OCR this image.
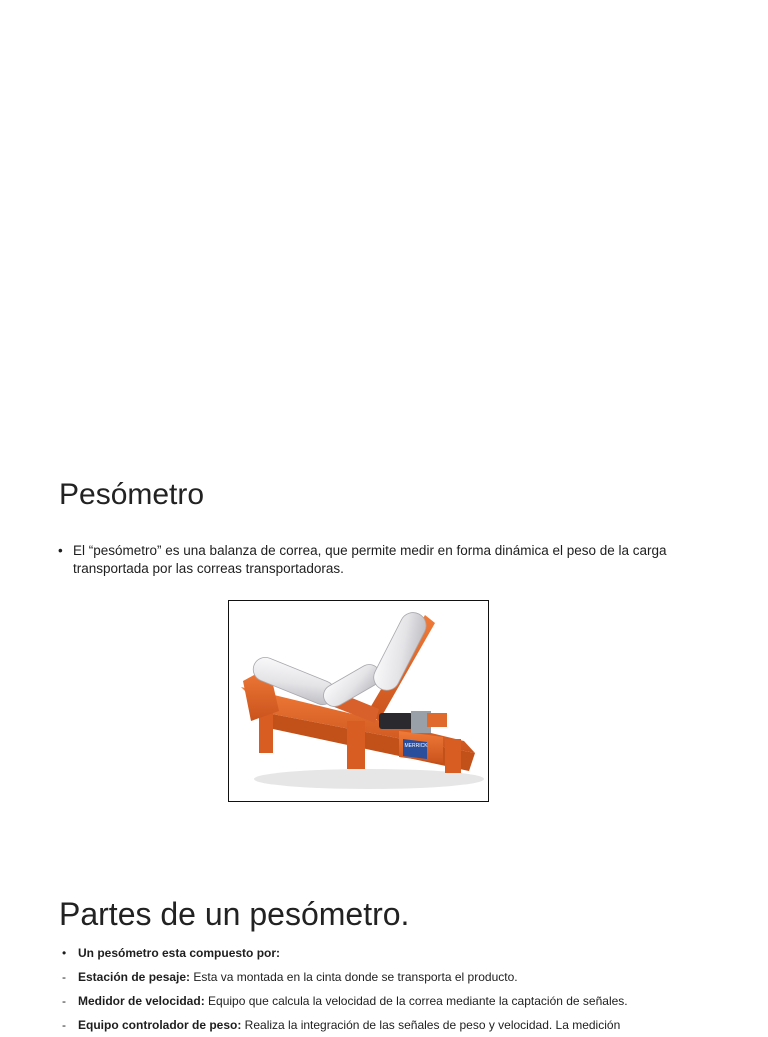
Pesómetro
• El “pesómetro” es una balanza de correa, que permite medir en forma dinámica el peso de la carga transportada por las correas transportadoras.
MERRICK
Partes de un pesómetro.
• Un pesómetro esta compuesto por:
- Estación de pesaje: Esta va montada en la cinta donde se transporta el producto.
- Medidor de velocidad: Equipo que calcula la velocidad de la correa mediante la captación de señales.
- Equipo controlador de peso: Realiza la integración de las señales de peso y velocidad. La medición
